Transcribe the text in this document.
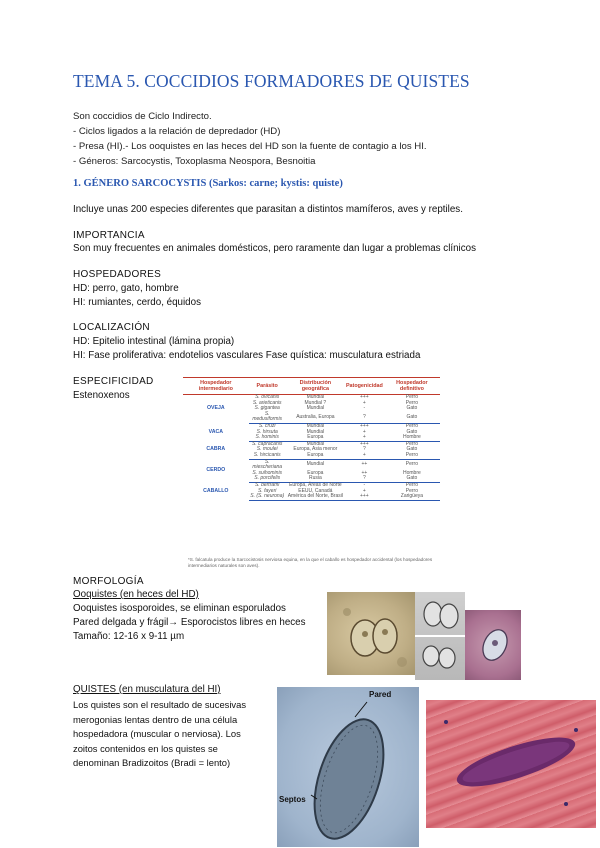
TEMA 5. COCCIDIOS FORMADORES DE QUISTES
Son coccidios de Ciclo Indirecto.
- Ciclos ligados a la relación de depredador (HD)
- Presa (HI).- Los ooquistes en las heces del HD son la fuente de contagio a los HI.
- Géneros: Sarcocystis, Toxoplasma Neospora, Besnoitia
1. GÉNERO SARCOCYSTIS (Sarkos: carne; kystis: quiste)
Incluye unas 200 especies diferentes que parasitan a distintos mamíferos, aves y reptiles.
IMPORTANCIA
Son muy frecuentes en animales domésticos, pero raramente dan lugar a problemas clínicos
HOSPEDADORES
HD: perro, gato, hombre
HI: rumiantes, cerdo, équidos
LOCALIZACIÓN
HD: Epitelio intestinal (lámina propia)
HI: Fase proliferativa: endotelios vasculares Fase quística: musculatura estriada
ESPECIFICIDAD
Estenoxenos
Hospedador intermediario	Parásito	Distribución geográfica	Patogenicidad	Hospedador definitivo
OVEJA	S. ovicanis	Mundial	+++	Perro
	S. arieticanis	Mundial ?	+	Perro
	S. gigantea	Mundial	-	Gato
	S. medusiformis	Australia, Europa	?	Gato
VACA	S. cruzi	Mundial	+++	Perro
	S. hirsuta	Mundial	+	Gato
	S. hominis	Europa	+	Hombre
CABRA	S. capracanis	Mundial	+++	Perro
	S. moulei	Europa, Asia menor	?	Gato
	S. hircicanis	Europa	+	Perro
CERDO	S. miescheriana	Mundial	++	Perro
	S. suihominis	Europa	++	Hombre
	S. porcifelis	Rusia	?	Gato
CABALLO	S. bertrami	Europa, Áreas de Norte	-	Perro
	S. fayeri	EEUU, Canadá	+	Perro
	S. (S. neurona)	América del Norte, Brasil	+++	Zarigüeya
*S. falcatula produce la Sarcocistosis nerviosa equina, en la que el caballo es hospedador accidental (los hospedadores intermediarios naturales son aves).
MORFOLOGÍA
Ooquistes (en heces del HD)
Ooquistes isosporoides, se eliminan esporulados
Pared delgada y frágil→ Esporocistos libres en heces
Tamaño: 12-16 x 9-11 µm
QUISTES (en musculatura del HI)
Los quistes son el resultado de sucesivas
merogonias lentas dentro de una célula
hospedadora (muscular o nerviosa). Los
zoitos contenidos en los quistes se
denominan Bradizoitos (Bradi = lento)
Pared
Septos
